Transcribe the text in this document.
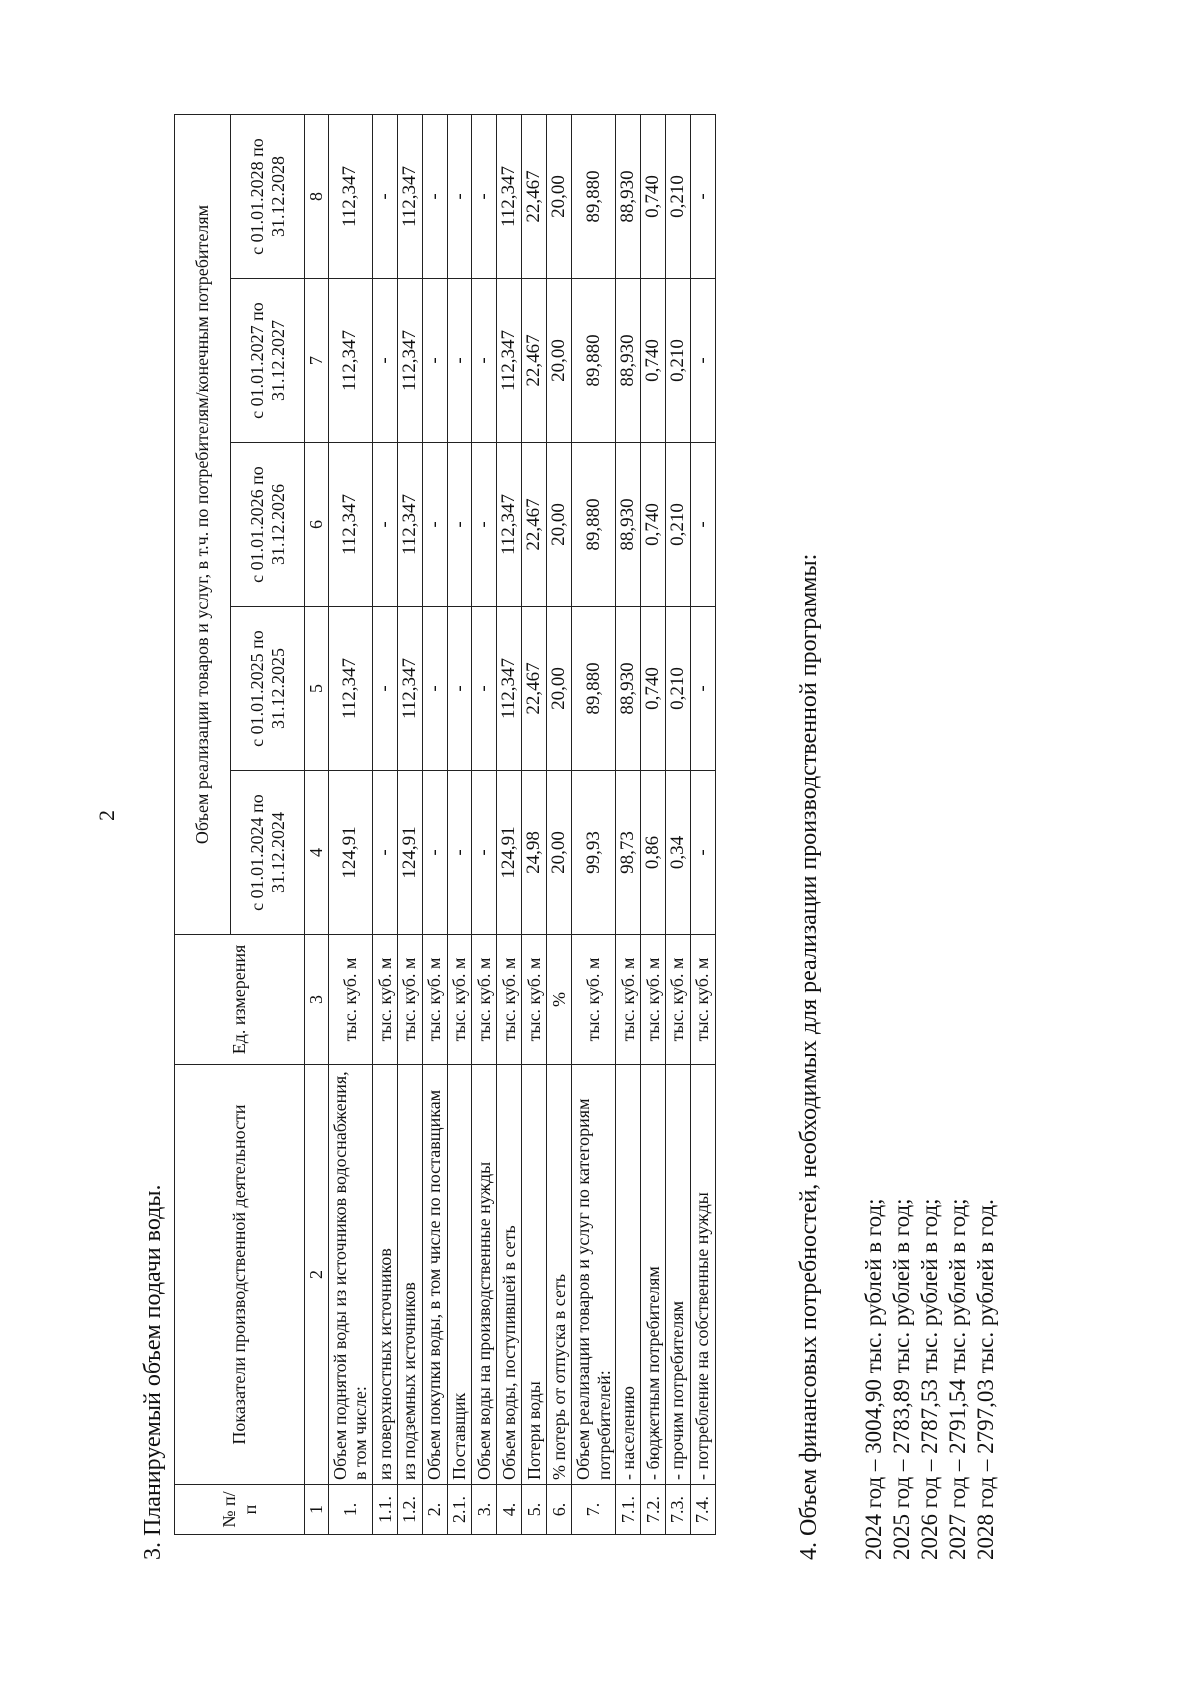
2
3. Планируемый объем подачи воды.	№ п/п	Показатели производственной деятельности	Ед. измерения	Объем реализации товаров и услуг, в т.ч. по потребителям/конечным потребителям				
			с 01.01.2024 по 31.12.2024	с 01.01.2025 по 31.12.2025	с 01.01.2026 по 31.12.2026	с 01.01.2027 по 31.12.2027	с 01.01.2028 по 31.12.2028
1	2	3	4	5	6	7	8
1.	Объем поднятой воды из источников водоснабжения, в том числе:	тыс. куб. м	124,91	112,347	112,347	112,347	112,347
1.1.	из поверхностных источников	тыс. куб. м	-	-	-	-	-
1.2.	из подземных источников	тыс. куб. м	124,91	112,347	112,347	112,347	112,347
2.	Объем покупки воды, в том числе по поставщикам	тыс. куб. м	-	-	-	-	-
2.1.	Поставщик	тыс. куб. м	-	-	-	-	-
3.	Объем воды на производственные нужды	тыс. куб. м	-	-	-	-	-
4.	Объем воды, поступившей в сеть	тыс. куб. м	124,91	112,347	112,347	112,347	112,347
5.	Потери воды	тыс. куб. м	24,98	22,467	22,467	22,467	22,467
6.	% потерь от отпуска в сеть	%	20,00	20,00	20,00	20,00	20,00
7.	Объем реализации товаров и услуг по категориям потребителей:	тыс. куб. м	99,93	89,880	89,880	89,880	89,880
7.1.	- населению	тыс. куб. м	98,73	88,930	88,930	88,930	88,930
7.2.	- бюджетным потребителям	тыс. куб. м	0,86	0,740	0,740	0,740	0,740
7.3.	- прочим потребителям	тыс. куб. м	0,34	0,210	0,210	0,210	0,210
7.4.	- потребление на собственные нужды	тыс. куб. м	-	-	-	-	-
4. Объем финансовых потребностей, необходимых для реализации производственной программы: 2024 год – 3004,90 тыс. рублей в год; 2025 год – 2783,89 тыс. рублей в год; 2026 год – 2787,53 тыс. рублей в год; 2027 год – 2791,54 тыс. рублей в год; 2028 год – 2797,03 тыс. рублей в год.
